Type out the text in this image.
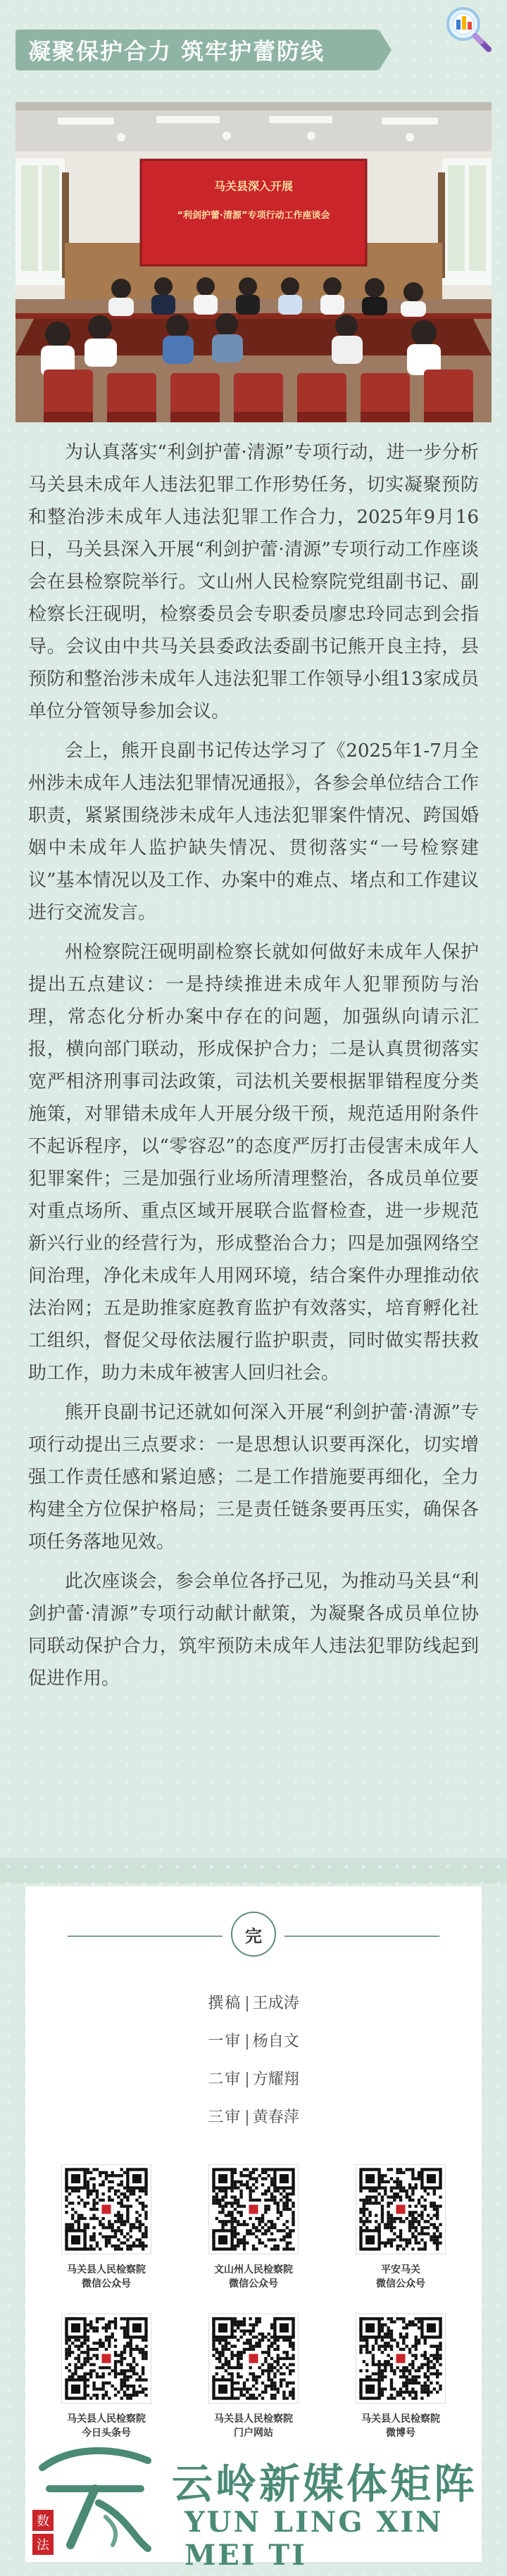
凝聚保护合力 筑牢护蕾防线
马关县深入开展
“利剑护蕾·清源”专项行动工作座谈会

为认真落实“利剑护蕾·清源”专项行动，进一步分析马关县未成年人违法犯罪工作形势任务，切实凝聚预防和整治涉未成年人违法犯罪工作合力，2025年9月16日，马关县深入开展“利剑护蕾·清源”专项行动工作座谈会在县检察院举行。文山州人民检察院党组副书记、副检察长汪砚明，检察委员会专职委员廖忠玲同志到会指导。会议由中共马关县委政法委副书记熊开良主持，县预防和整治涉未成年人违法犯罪工作领导小组13家成员单位分管领导参加会议。

会上，熊开良副书记传达学习了《2025年1-7月全州涉未成年人违法犯罪情况通报》，各参会单位结合工作职责，紧紧围绕涉未成年人违法犯罪案件情况、跨国婚姻中未成年人监护缺失情况、贯彻落实“一号检察建议”基本情况以及工作、办案中的难点、堵点和工作建议进行交流发言。

州检察院汪砚明副检察长就如何做好未成年人保护提出五点建议：一是持续推进未成年人犯罪预防与治理，常态化分析办案中存在的问题，加强纵向请示汇报，横向部门联动，形成保护合力；二是认真贯彻落实宽严相济刑事司法政策，司法机关要根据罪错程度分类施策，对罪错未成年人开展分级干预，规范适用附条件不起诉程序，以“零容忍”的态度严厉打击侵害未成年人犯罪案件；三是加强行业场所清理整治，各成员单位要对重点场所、重点区域开展联合监督检查，进一步规范新兴行业的经营行为，形成整治合力；四是加强网络空间治理，净化未成年人用网环境，结合案件办理推动依法治网；五是助推家庭教育监护有效落实，培育孵化社工组织，督促父母依法履行监护职责，同时做实帮扶救助工作，助力未成年被害人回归社会。

熊开良副书记还就如何深入开展“利剑护蕾·清源”专项行动提出三点要求：一是思想认识要再深化，切实增强工作责任感和紧迫感；二是工作措施要再细化，全力构建全方位保护格局；三是责任链条要再压实，确保各项任务落地见效。

此次座谈会，参会单位各抒己见，为推动马关县“利剑护蕾·清源”专项行动献计献策，为凝聚各成员单位协同联动保护合力，筑牢预防未成年人违法犯罪防线起到促进作用。

完
撰稿 | 王成涛
一审 | 杨自文
二审 | 方耀翔
三审 | 黄春萍
马关县人民检察院
微信公众号
文山州人民检察院
微信公众号
平安马关
微信公众号
马关县人民检察院
今日头条号
马关县人民检察院
门户网站
马关县人民检察院
微博号
数
法
云岭新媒体矩阵
YUN LING XIN MEI TI
